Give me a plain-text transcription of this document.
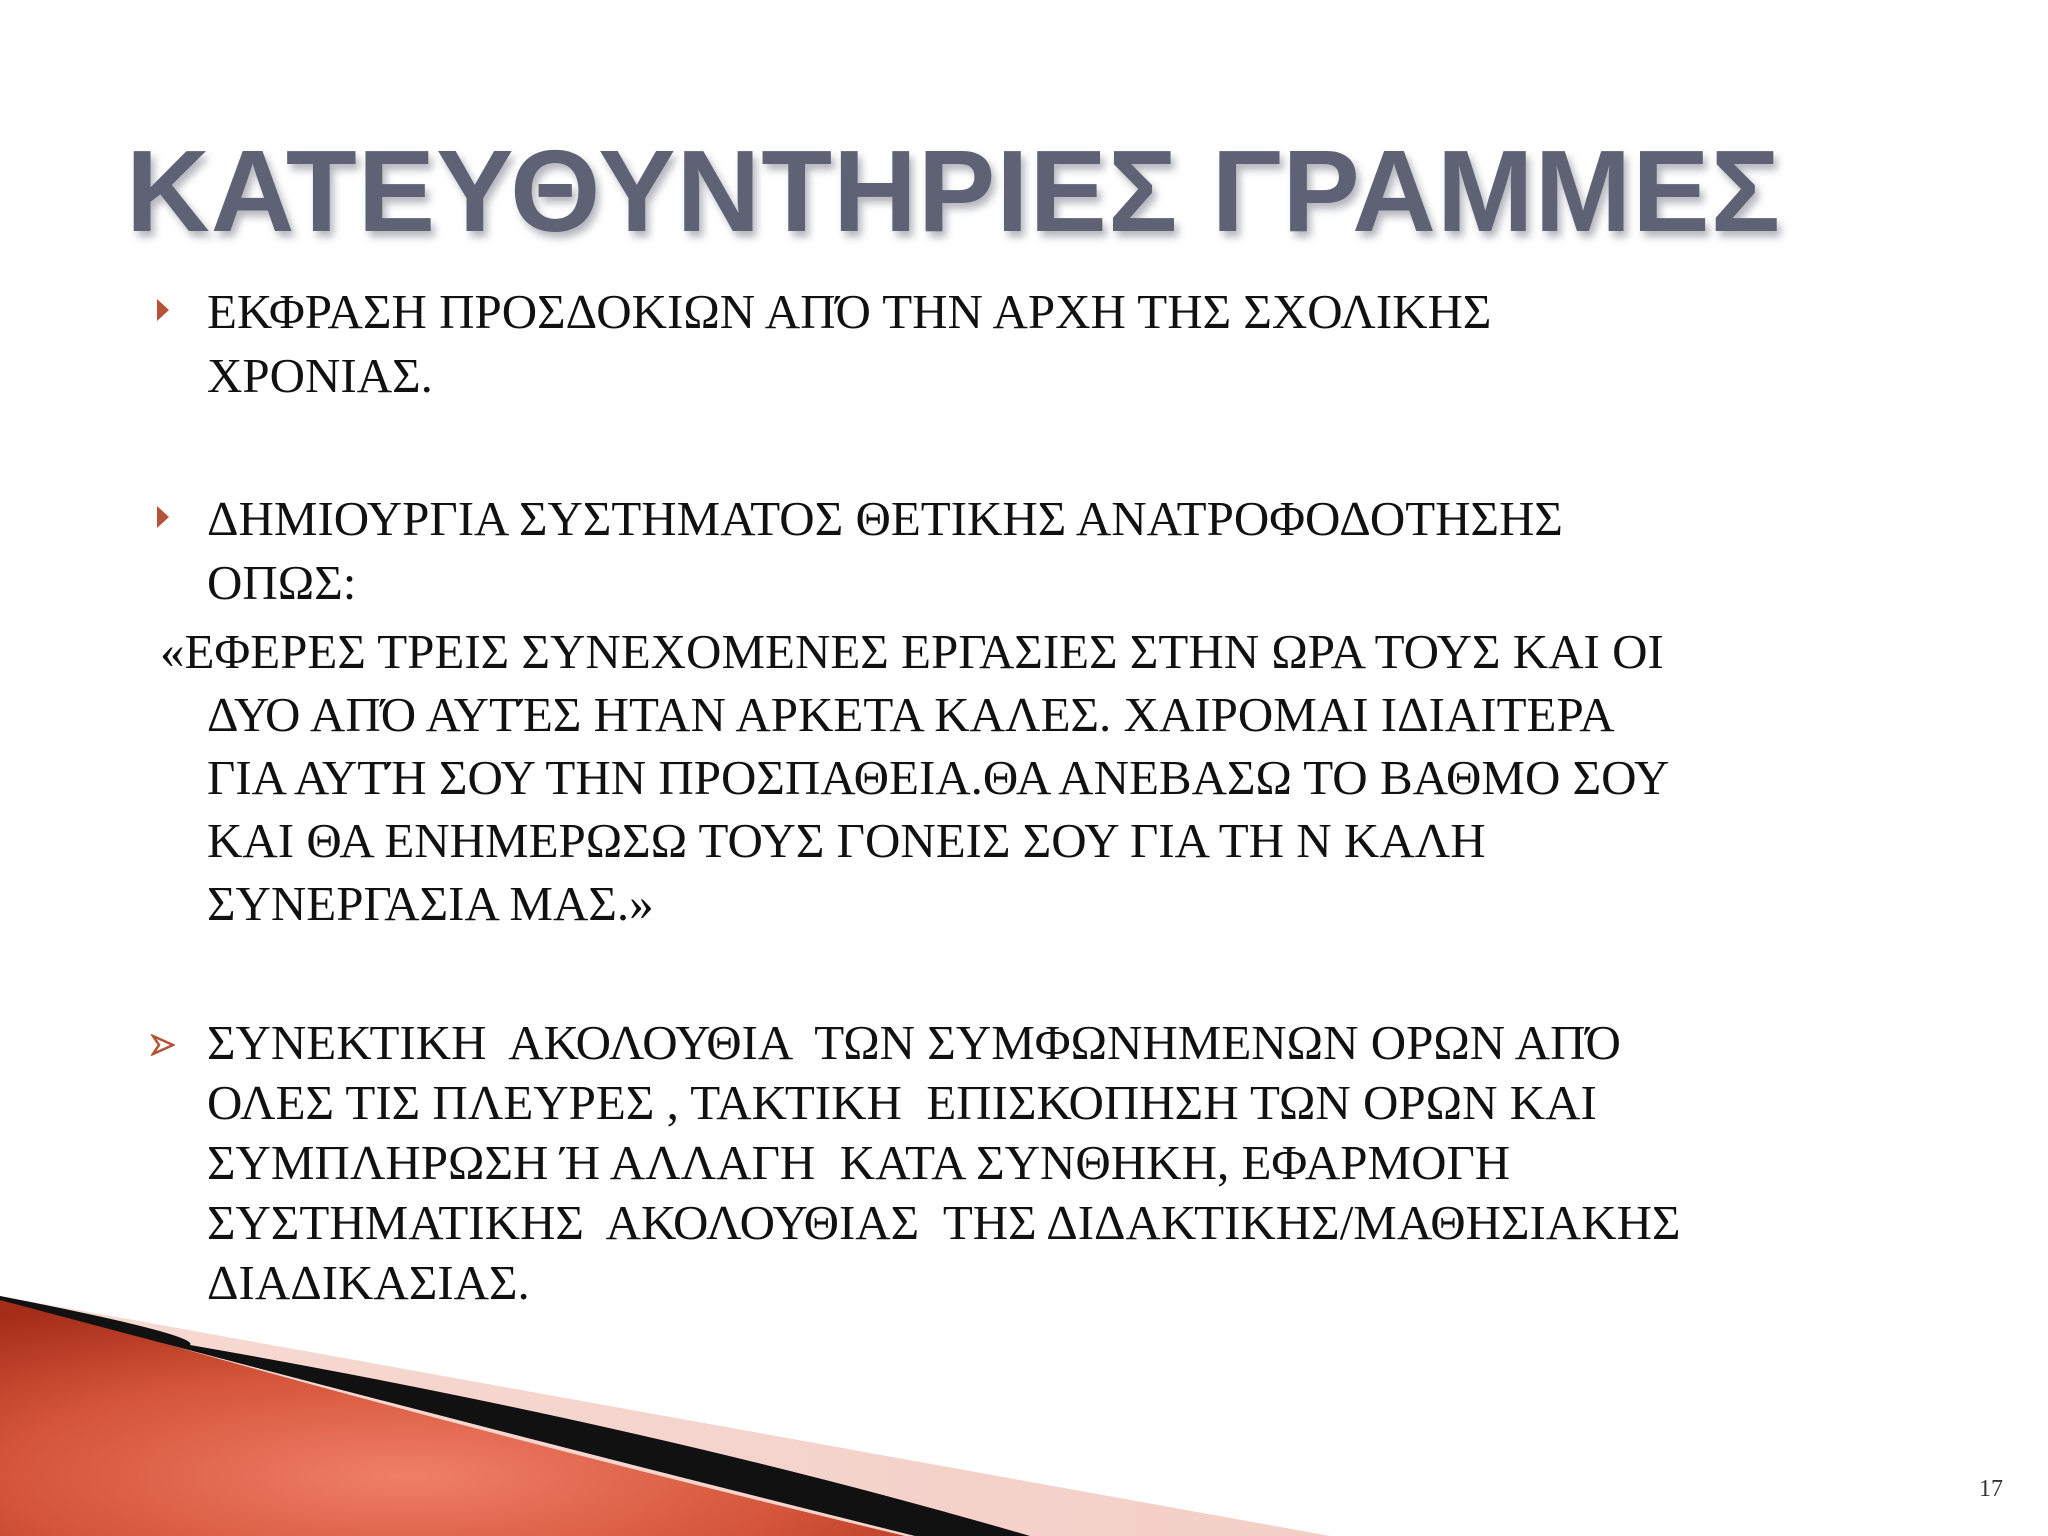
ΚΑΤΕΥΘΥΝΤΗΡΙΕΣ ΓΡΑΜΜΕΣ
ΕΚΦΡΑΣΗ ΠΡΟΣΔΟΚΙΩΝ ΑΠΌ ΤΗΝ ΑΡΧΗ ΤΗΣ ΣΧΟΛΙΚΗΣ
ΧΡΟΝΙΑΣ.
ΔΗΜΙΟΥΡΓΙΑ ΣΥΣΤΗΜΑΤΟΣ ΘΕΤΙΚΗΣ ΑΝΑΤΡΟΦΟΔΟΤΗΣΗΣ
ΟΠΩΣ:
«ΕΦΕΡΕΣ ΤΡΕΙΣ ΣΥΝΕΧΟΜΕΝΕΣ ΕΡΓΑΣΙΕΣ ΣΤΗΝ ΩΡΑ ΤΟΥΣ ΚΑΙ ΟΙ
ΔΥΟ ΑΠΌ ΑΥΤΈΣ ΗΤΑΝ ΑΡΚΕΤΑ ΚΑΛΕΣ. ΧΑΙΡΟΜΑΙ ΙΔΙΑΙΤΕΡΑ
ΓΙΑ ΑΥΤΉ ΣΟΥ ΤΗΝ ΠΡΟΣΠΑΘΕΙΑ.ΘΑ ΑΝΕΒΑΣΩ ΤΟ ΒΑΘΜΟ ΣΟΥ
ΚΑΙ ΘΑ ΕΝΗΜΕΡΩΣΩ ΤΟΥΣ ΓΟΝΕΙΣ ΣΟΥ ΓΙΑ ΤΗ Ν ΚΑΛΗ
ΣΥΝΕΡΓΑΣΙΑ ΜΑΣ.»
ΣΥΝΕΚΤΙΚΗ  ΑΚΟΛΟΥΘΙΑ  ΤΩΝ ΣΥΜΦΩΝΗΜΕΝΩΝ ΟΡΩΝ ΑΠΌ
ΟΛΕΣ ΤΙΣ ΠΛΕΥΡΕΣ , ΤΑΚΤΙΚΗ  ΕΠΙΣΚΟΠΗΣΗ ΤΩΝ ΟΡΩΝ ΚΑΙ
ΣΥΜΠΛΗΡΩΣΗ Ή ΑΛΛΑΓΗ  ΚΑΤΑ ΣΥΝΘΗΚΗ, ΕΦΑΡΜΟΓΗ
ΣΥΣΤΗΜΑΤΙΚΗΣ  ΑΚΟΛΟΥΘΙΑΣ  ΤΗΣ ΔΙΔΑΚΤΙΚΗΣ/ΜΑΘΗΣΙΑΚΗΣ
ΔΙΑΔΙΚΑΣΙΑΣ.
17
